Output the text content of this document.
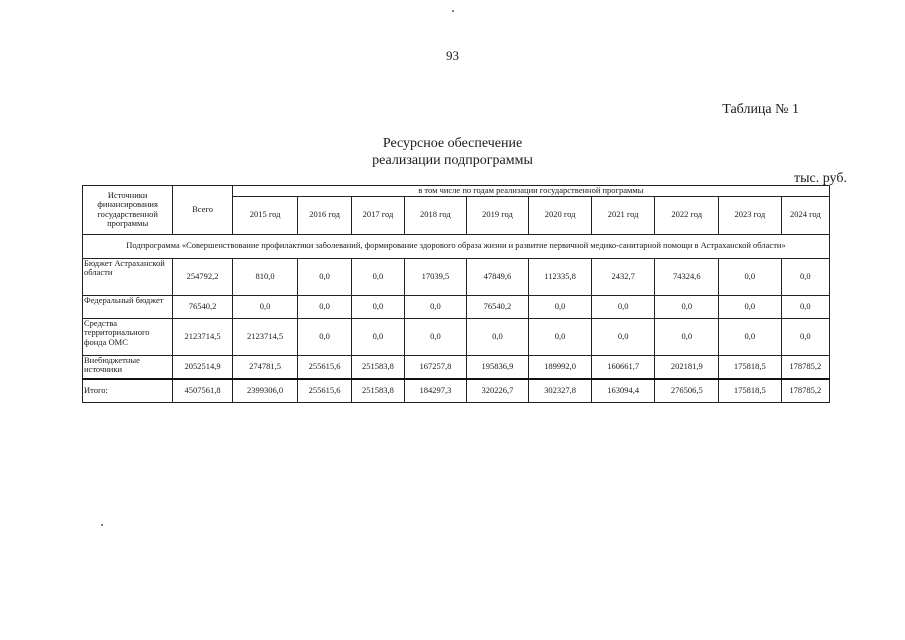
93
Таблица № 1
Ресурсное обеспечение
реализации подпрограммы
тыс. руб.
Источники финансирования государственной программы	Всего	в том числе по годам реализации государственной программы									
		2015 год	2016 год	2017 год	2018 год	2019 год	2020 год	2021 год	2022 год	2023 год	2024 год
Подпрограмма «Совершенствование профилактики заболеваний, формирование здорового образа жизни и развитие первичной медико-санитарной помощи в Астраханской области»											
Бюджет Астраханской области	254792,2	810,0	0,0	0,0	17039,5	47849,6	112335,8	2432,7	74324,6	0,0	0,0
Федеральный бюджет	76540,2	0,0	0,0	0,0	0,0	76540,2	0,0	0,0	0,0	0,0	0,0
Средства территориального фонда ОМС	2123714,5	2123714,5	0,0	0,0	0,0	0,0	0,0	0,0	0,0	0,0	0,0
Внебюджетные источники	2052514,9	274781,5	255615,6	251583,8	167257,8	195836,9	189992,0	160661,7	202181,9	175818,5	178785,2
Итого:	4507561,8	2399306,0	255615,6	251583,8	184297,3	320226,7	302327,8	163094,4	276506,5	175818,5	178785,2
